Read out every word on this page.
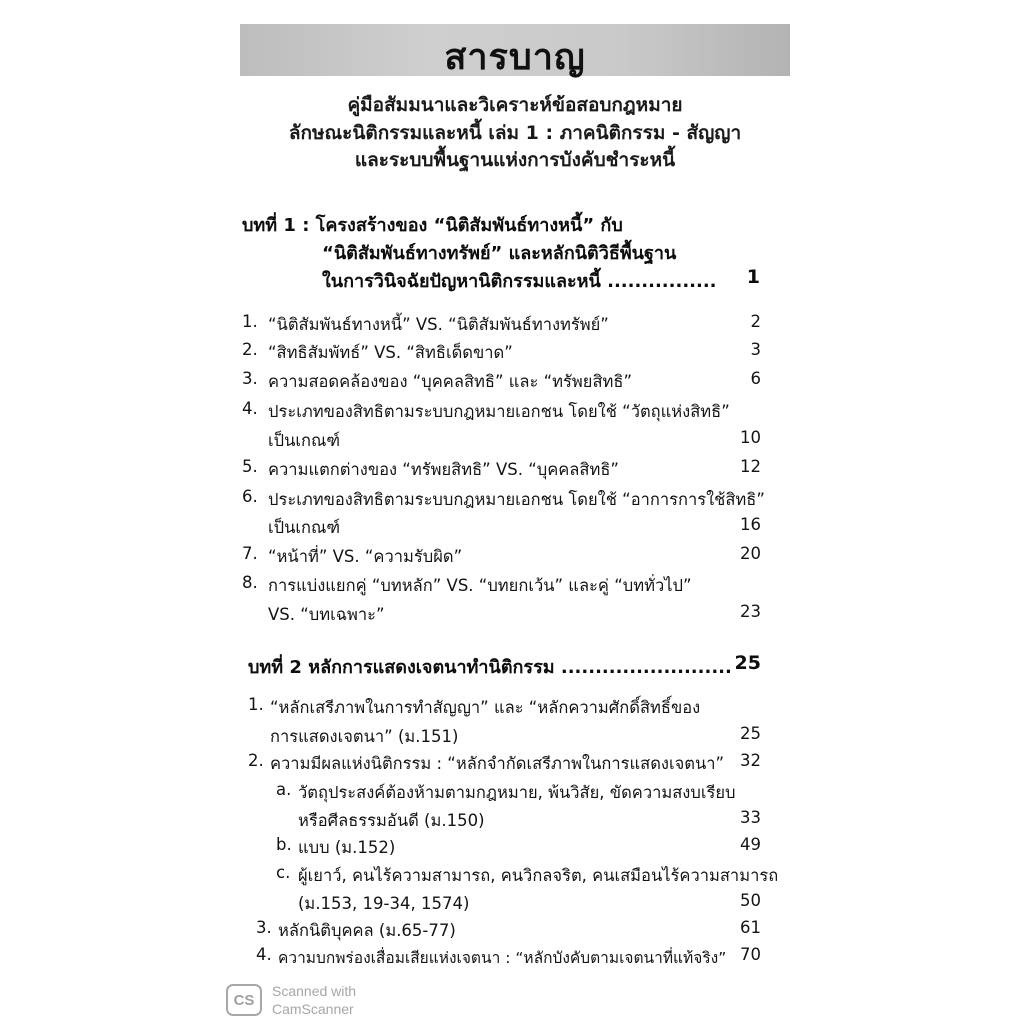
สารบาญ
คู่มือสัมมนาและวิเคราะห์ข้อสอบกฎหมาย
ลักษณะนิติกรรมและหนี้ เล่ม 1 : ภาคนิติกรรม - สัญญา
และระบบพื้นฐานแห่งการบังคับชำระหนี้
บทที่ 1 : โครงสร้างของ “นิติสัมพันธ์ทางหนี้” กับ
“นิติสัมพันธ์ทางทรัพย์” และหลักนิติวิธีพื้นฐาน
ในการวินิจฉัยปัญหานิติกรรมและหนี้ ................	1
1. “นิติสัมพันธ์ทางหนี้” VS. “นิติสัมพันธ์ทางทรัพย์”	2
2. “สิทธิสัมพัทธ์” VS. “สิทธิเด็ดขาด”	3
3. ความสอดคล้องของ “บุคคลสิทธิ” และ “ทรัพยสิทธิ”	6
4. ประเภทของสิทธิตามระบบกฎหมายเอกชน โดยใช้ “วัตถุแห่งสิทธิ”
เป็นเกณฑ์	10
5. ความแตกต่างของ “ทรัพยสิทธิ” VS. “บุคคลสิทธิ”	12
6. ประเภทของสิทธิตามระบบกฎหมายเอกชน โดยใช้ “อาการการใช้สิทธิ”
เป็นเกณฑ์	16
7. “หน้าที่” VS. “ความรับผิด”	20
8. การแบ่งแยกคู่ “บทหลัก” VS. “บทยกเว้น” และคู่ “บททั่วไป”
VS. “บทเฉพาะ”	23
บทที่ 2 หลักการแสดงเจตนาทำนิติกรรม ......................... 25
1. “หลักเสรีภาพในการทำสัญญา” และ “หลักความศักดิ์สิทธิ์ของ
การแสดงเจตนา” (ม.151)	25
2. ความมีผลแห่งนิติกรรม : “หลักจำกัดเสรีภาพในการแสดงเจตนา” 32
a. วัตถุประสงค์ต้องห้ามตามกฎหมาย, พ้นวิสัย, ขัดความสงบเรียบ
หรือศีลธรรมอันดี (ม.150)	33
b. แบบ (ม.152)	49
c. ผู้เยาว์, คนไร้ความสามารถ, คนวิกลจริต, คนเสมือนไร้ความสามารถ
(ม.153, 19-34, 1574)	50
3. หลักนิติบุคคล (ม.65-77)	61
4. ความบกพร่องเสื่อมเสียแห่งเจตนา : “หลักบังคับตามเจตนาที่แท้จริง” 70
CS
Scanned with
CamScanner
